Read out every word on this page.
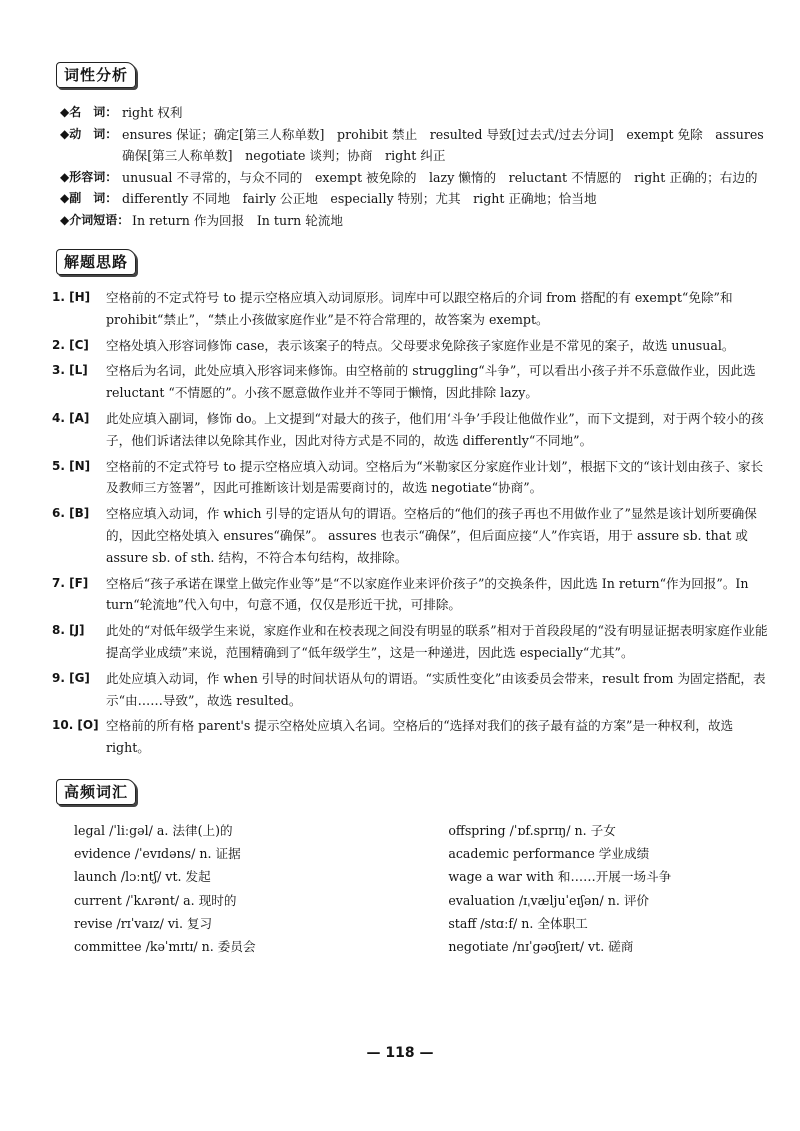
词性分析
◆名　词： right 权利
◆动　词： ensures 保证；确定[第三人称单数]　prohibit 禁止　resulted 导致[过去式/过去分词]　exempt 免除　assures 确保[第三人称单数]　negotiate 谈判；协商　right 纠正
◆形容词： unusual 不寻常的，与众不同的　exempt 被免除的　lazy 懒惰的　reluctant 不情愿的　right 正确的；右边的
◆副　词： differently 不同地　fairly 公正地　especially 特别；尤其　right 正确地；恰当地
◆介词短语： In return 作为回报　In turn 轮流地
解题思路
1. [H]	空格前的不定式符号 to 提示空格应填入动词原形。词库中可以跟空格后的介词 from 搭配的有 exempt“免除”和 prohibit“禁止”，“禁止小孩做家庭作业”是不符合常理的，故答案为 exempt。
2. [C]	空格处填入形容词修饰 case，表示该案子的特点。父母要求免除孩子家庭作业是不常见的案子，故选 unusual。
3. [L]	空格后为名词，此处应填入形容词来修饰。由空格前的 struggling“斗争”，可以看出小孩子并不乐意做作业，因此选 reluctant “不情愿的”。小孩不愿意做作业并不等同于懒惰，因此排除 lazy。
4. [A]	此处应填入副词，修饰 do。上文提到“对最大的孩子，他们用‘斗争’手段让他做作业”，而下文提到，对于两个较小的孩子，他们诉诸法律以免除其作业，因此对待方式是不同的，故选 differently“不同地”。
5. [N]	空格前的不定式符号 to 提示空格应填入动词。空格后为“米勒家区分家庭作业计划”，根据下文的“该计划由孩子、家长及教师三方签署”，因此可推断该计划是需要商讨的，故选 negotiate“协商”。
6. [B]	空格应填入动词，作 which 引导的定语从句的谓语。空格后的“他们的孩子再也不用做作业了”显然是该计划所要确保的，因此空格处填入 ensures“确保”。 assures 也表示“确保”，但后面应接“人”作宾语，用于 assure sb. that 或 assure sb. of sth. 结构，不符合本句结构，故排除。
7. [F]	空格后“孩子承诺在课堂上做完作业等”是“不以家庭作业来评价孩子”的交换条件，因此选 In return“作为回报”。In turn“轮流地”代入句中，句意不通，仅仅是形近干扰，可排除。
8. [J]	此处的“对低年级学生来说，家庭作业和在校表现之间没有明显的联系”相对于首段段尾的“没有明显证据表明家庭作业能提高学业成绩”来说，范围精确到了“低年级学生”，这是一种递进，因此选 especially“尤其”。
9. [G]	此处应填入动词，作 when 引导的时间状语从句的谓语。“实质性变化”由该委员会带来，result from 为固定搭配，表示“由……导致”，故选 resulted。
10. [O] 空格前的所有格 parent's 提示空格处应填入名词。空格后的“选择对我们的孩子最有益的方案”是一种权利，故选 right。
高频词汇
legal /ˈliːgəl/ a. 法律(上)的
evidence /ˈevɪdəns/ n. 证据
launch /lɔːntʃ/ vt. 发起
current /ˈkʌrənt/ a. 现时的
revise /rɪˈvaɪz/ vi. 复习
committee /kəˈmɪtɪ/ n. 委员会
offspring /ˈɒf.sprɪŋ/ n. 子女
academic performance 学业成绩
wage a war with 和……开展一场斗争
evaluation /ɪˌvæljuˈeɪʃən/ n. 评价
staff /stɑːf/ n. 全体职工
negotiate /nɪˈgəʊʃɪeɪt/ vt. 磋商
— 118 —
